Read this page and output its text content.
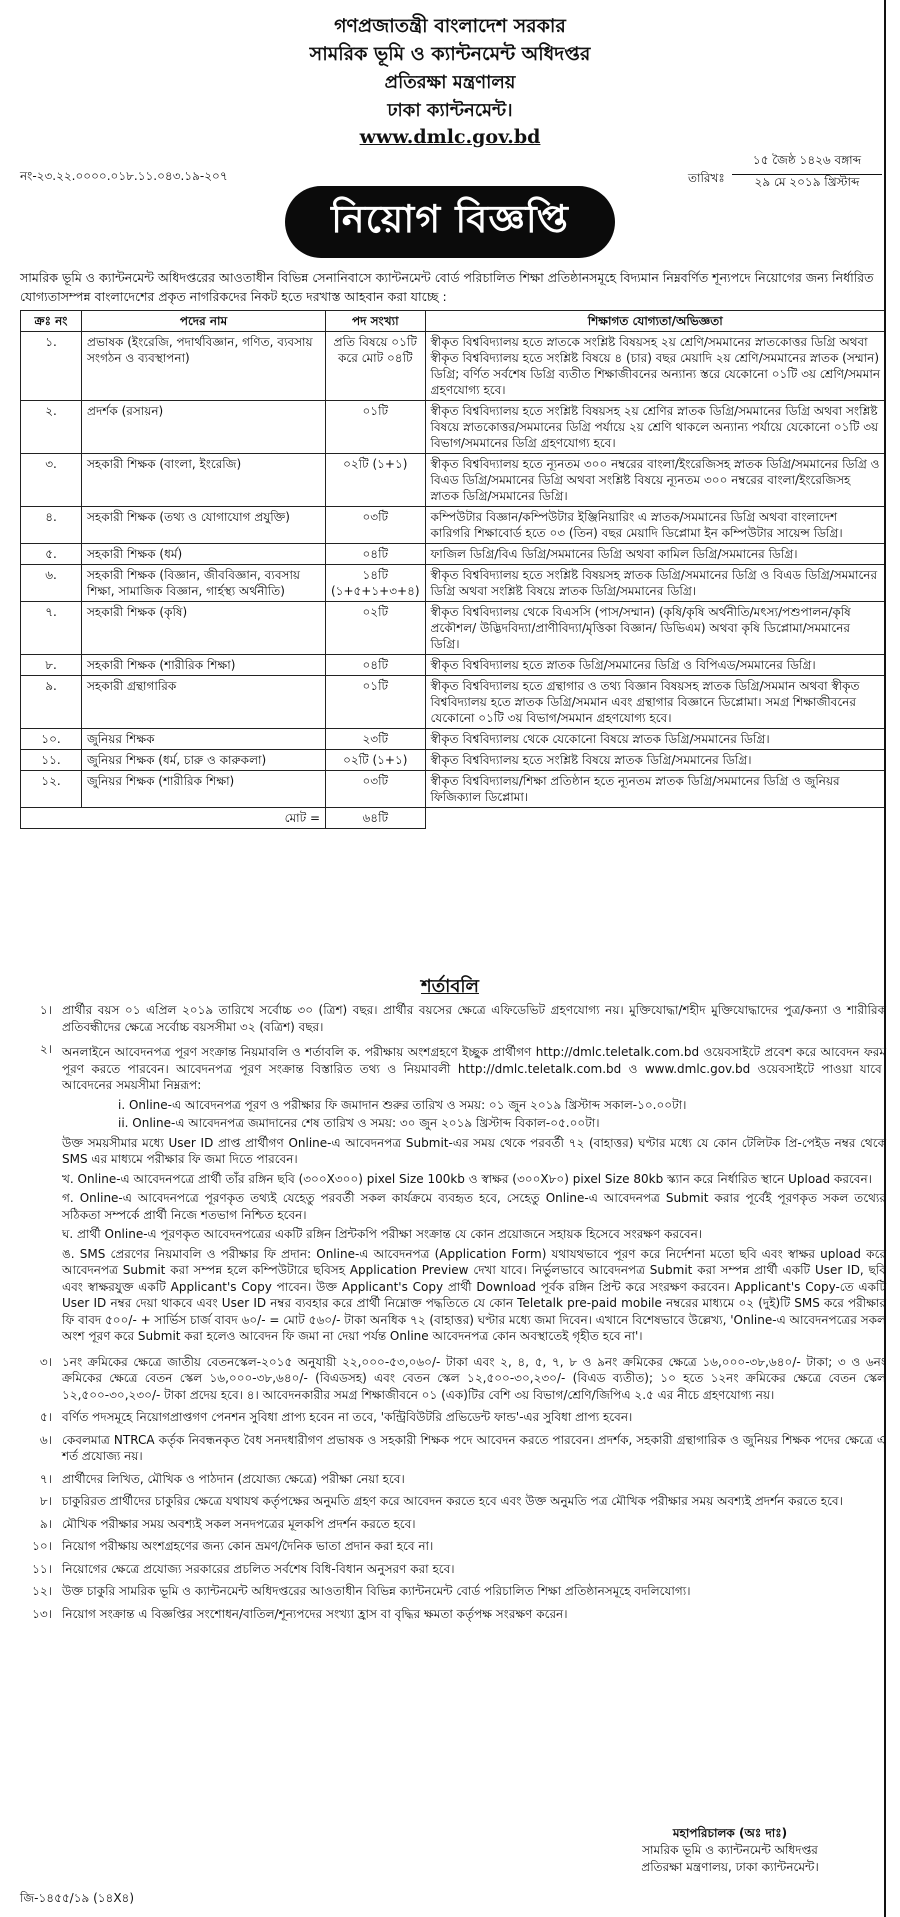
গণপ্রজাতন্ত্রী বাংলাদেশ সরকার
সামরিক ভূমি ও ক্যান্টনমেন্ট অধিদপ্তর
প্রতিরক্ষা মন্ত্রণালয়
ঢাকা ক্যান্টনমেন্ট।
www.dmlc.gov.bd
নং-২৩.২২.০০০০.০১৮.১১.০৪৩.১৯-২০৭
১৫ জৈষ্ঠ ১৪২৬ বঙ্গাব্দ
তারিখঃ	২৯ মে ২০১৯ খ্রিস্টাব্দ
নিয়োগ বিজ্ঞপ্তি
সামরিক ভূমি ও ক্যান্টনমেন্ট অধিদপ্তরের আওতাধীন বিভিন্ন সেনানিবাসে ক্যান্টনমেন্ট বোর্ড পরিচালিত শিক্ষা প্রতিষ্ঠানসমূহে বিদ্যমান নিম্নবর্ণিত শূন্যপদে নিয়োগের জন্য নির্ধারিত যোগ্যতাসম্পন্ন বাংলাদেশের প্রকৃত নাগরিকদের নিকট হতে দরখাস্ত আহবান করা যাচ্ছে :
ক্রঃ নং	পদের নাম	পদ সংখ্যা	শিক্ষাগত যোগ্যতা/অভিজ্ঞতা
১.	প্রভাষক (ইংরেজি, পদার্থবিজ্ঞান, গণিত, ব্যবসায় সংগঠন ও ব্যবস্থাপনা)	প্রতি বিষয়ে ০১টি করে মোট ০৪টি	স্বীকৃত বিশ্ববিদ্যালয় হতে স্নাতকে সংশ্লিষ্ট বিষয়সহ ২য় শ্রেণি/সমমানের স্নাতকোত্তর ডিগ্রি অথবা স্বীকৃত বিশ্ববিদ্যালয় হতে সংশ্লিষ্ট বিষয়ে ৪ (চার) বছর মেয়াদি ২য় শ্রেণি/সমমানের স্নাতক (সম্মান) ডিগ্রি; বর্ণিত সর্বশেষ ডিগ্রি ব্যতীত শিক্ষাজীবনের অন্যান্য স্তরে যেকোনো ০১টি ৩য় শ্রেণি/সমমান গ্রহণযোগ্য হবে।
২.	প্রদর্শক (রসায়ন)	০১টি	স্বীকৃত বিশ্ববিদ্যালয় হতে সংশ্লিষ্ট বিষয়সহ ২য় শ্রেণির স্নাতক ডিগ্রি/সমমানের ডিগ্রি অথবা সংশ্লিষ্ট বিষয়ে স্নাতকোত্তর/সমমানের ডিগ্রি পর্যায়ে ২য় শ্রেণি থাকলে অন্যান্য পর্যায়ে যেকোনো ০১টি ৩য় বিভাগ/সমমানের ডিগ্রি গ্রহণযোগ্য হবে।
৩.	সহকারী শিক্ষক (বাংলা, ইংরেজি)	০২টি (১+১)	স্বীকৃত বিশ্ববিদ্যালয় হতে ন্যূনতম ৩০০ নম্বরের বাংলা/ইংরেজিসহ স্নাতক ডিগ্রি/সমমানের ডিগ্রি ও বিএড ডিগ্রি/সমমানের ডিগ্রি অথবা সংশ্লিষ্ট বিষয়ে ন্যূনতম ৩০০ নম্বরের বাংলা/ইংরেজিসহ স্নাতক ডিগ্রি/সমমানের ডিগ্রি।
৪.	সহকারী শিক্ষক (তথ্য ও যোগাযোগ প্রযুক্তি)	০৩টি	কম্পিউটার বিজ্ঞান/কম্পিউটার ইঞ্জিনিয়ারিং এ স্নাতক/সমমানের ডিগ্রি অথবা বাংলাদেশ কারিগরি শিক্ষাবোর্ড হতে ০৩ (তিন) বছর মেয়াদি ডিপ্লোমা ইন কম্পিউটার সায়েন্স ডিগ্রি।
৫.	সহকারী শিক্ষক (ধর্ম)	০৪টি	ফাজিল ডিগ্রি/বিএ ডিগ্রি/সমমানের ডিগ্রি অথবা কামিল ডিগ্রি/সমমানের ডিগ্রি।
৬.	সহকারী শিক্ষক (বিজ্ঞান, জীববিজ্ঞান, ব্যবসায় শিক্ষা, সামাজিক বিজ্ঞান, গার্হস্থ্য অর্থনীতি)	১৪টি (১+৫+১+৩+৪)	স্বীকৃত বিশ্ববিদ্যালয় হতে সংশ্লিষ্ট বিষয়সহ স্নাতক ডিগ্রি/সমমানের ডিগ্রি ও বিএড ডিগ্রি/সমমানের ডিগ্রি অথবা সংশ্লিষ্ট বিষয়ে স্নাতক ডিগ্রি/সমমানের ডিগ্রি।
৭.	সহকারী শিক্ষক (কৃষি)	০২টি	স্বীকৃত বিশ্ববিদ্যালয় থেকে বিএসসি (পাস/সম্মান) (কৃষি/কৃষি অর্থনীতি/মৎস্য/পশুপালন/কৃষি প্রকৌশল/ উদ্ভিদবিদ্যা/প্রাণীবিদ্যা/মৃত্তিকা বিজ্ঞান/ ডিভিএম) অথবা কৃষি ডিপ্লোমা/সমমানের ডিগ্রি।
৮.	সহকারী শিক্ষক (শারীরিক শিক্ষা)	০৪টি	স্বীকৃত বিশ্ববিদ্যালয় হতে স্নাতক ডিগ্রি/সমমানের ডিগ্রি ও বিপিএড/সমমানের ডিগ্রি।
৯.	সহকারী গ্রন্থাগারিক	০১টি	স্বীকৃত বিশ্ববিদ্যালয় হতে গ্রন্থাগার ও তথ্য বিজ্ঞান বিষয়সহ স্নাতক ডিগ্রি/সমমান অথবা স্বীকৃত বিশ্ববিদ্যালয় হতে স্নাতক ডিগ্রি/সমমান এবং গ্রন্থাগার বিজ্ঞানে ডিপ্লোমা। সমগ্র শিক্ষাজীবনের যেকোনো ০১টি ৩য় বিভাগ/সমমান গ্রহণযোগ্য হবে।
১০.	জুনিয়র শিক্ষক	২৩টি	স্বীকৃত বিশ্ববিদ্যালয় থেকে যেকোনো বিষয়ে স্নাতক ডিগ্রি/সমমানের ডিগ্রি।
১১.	জুনিয়র শিক্ষক (ধর্ম, চারু ও কারুকলা)	০২টি (১+১)	স্বীকৃত বিশ্ববিদ্যালয় হতে সংশ্লিষ্ট বিষয়ে স্নাতক ডিগ্রি/সমমানের ডিগ্রি।
১২.	জুনিয়র শিক্ষক (শারীরিক শিক্ষা)	০৩টি	স্বীকৃত বিশ্ববিদ্যালয়/শিক্ষা প্রতিষ্ঠান হতে ন্যূনতম স্নাতক ডিগ্রি/সমমানের ডিগ্রি ও জুনিয়র ফিজিক্যাল ডিপ্লোমা।
মোট =		৬৪টি	
শর্তাবলি
১। প্রার্থীর বয়স ০১ এপ্রিল ২০১৯ তারিখে সর্বোচ্চ ৩০ (ত্রিশ) বছর। প্রার্থীর বয়সের ক্ষেত্রে এফিডেভিট গ্রহণযোগ্য নয়। মুক্তিযোদ্ধা/শহীদ মুক্তিযোদ্ধাদের পুত্র/কন্যা ও শারীরিক প্রতিবন্ধীদের ক্ষেত্রে সর্বোচ্চ বয়সসীমা ৩২ (বত্রিশ) বছর।
২। অনলাইনে আবেদনপত্র পূরণ সংক্রান্ত নিয়মাবলি ও শর্তাবলি ক. পরীক্ষায় অংশগ্রহণে ইচ্ছুক প্রার্থীগণ http://dmlc.teletalk.com.bd ওয়েবসাইটে প্রবেশ করে আবেদন ফরম পূরণ করতে পারবেন। আবেদনপত্র পূরণ সংক্রান্ত বিস্তারিত তথ্য ও নিয়মাবলী http://dmlc.teletalk.com.bd ও www.dmlc.gov.bd ওয়েবসাইটে পাওয়া যাবে। আবেদনের সময়সীমা নিম্নরূপ:
i. Online-এ আবেদনপত্র পূরণ ও পরীক্ষার ফি জমাদান শুরুর তারিখ ও সময়: ০১ জুন ২০১৯ খ্রিস্টাব্দ সকাল-১০.০০টা।
ii. Online-এ আবেদনপত্র জমাদানের শেষ তারিখ ও সময়: ৩০ জুন ২০১৯ খ্রিস্টাব্দ বিকাল-০৫.০০টা।
উক্ত সময়সীমার মধ্যে User ID প্রাপ্ত প্রার্থীগণ Online-এ আবেদনপত্র Submit-এর সময় থেকে পরবর্তী ৭২ (বাহাত্তর) ঘণ্টার মধ্যে যে কোন টেলিটক প্রি-পেইড নম্বর থেকে SMS এর মাধ্যমে পরীক্ষার ফি জমা দিতে পারবেন।
খ. Online-এ আবেদনপত্রে প্রার্থী তাঁর রঙ্গিন ছবি (৩০০X৩০০) pixel Size 100kb ও স্বাক্ষর (৩০০X৮০) pixel Size 80kb স্ক্যান করে নির্ধারিত স্থানে Upload করবেন।
গ. Online-এ আবেদনপত্রে পূরণকৃত তথ্যই যেহেতু পরবর্তী সকল কার্যক্রমে ব্যবহৃত হবে, সেহেতু Online-এ আবেদনপত্র Submit করার পূর্বেই পূরণকৃত সকল তথ্যের সঠিকতা সম্পর্কে প্রার্থী নিজে শতভাগ নিশ্চিত হবেন।
ঘ. প্রার্থী Online-এ পূরণকৃত আবেদনপত্রের একটি রঙ্গিন প্রিন্টকপি পরীক্ষা সংক্রান্ত যে কোন প্রয়োজনে সহায়ক হিসেবে সংরক্ষণ করবেন।
ঙ. SMS প্রেরণের নিয়মাবলি ও পরীক্ষার ফি প্রদান: Online-এ আবেদনপত্র (Application Form) যথাযথভাবে পূরণ করে নির্দেশনা মতো ছবি এবং স্বাক্ষর upload করে আবেদনপত্র Submit করা সম্পন্ন হলে কম্পিউটারে ছবিসহ Application Preview দেখা যাবে। নির্ভুলভাবে আবেদনপত্র Submit করা সম্পন্ন প্রার্থী একটি User ID, ছবি এবং স্বাক্ষরযুক্ত একটি Applicant's Copy পাবেন। উক্ত Applicant's Copy প্রার্থী Download পূর্বক রঙ্গিন প্রিন্ট করে সংরক্ষণ করবেন। Applicant's Copy-তে একটি User ID নম্বর দেয়া থাকবে এবং User ID নম্বর ব্যবহার করে প্রার্থী নিম্নোক্ত পদ্ধতিতে যে কোন Teletalk pre-paid mobile নম্বরের মাধ্যমে ০২ (দুই)টি SMS করে পরীক্ষার ফি বাবদ ৫০০/- + সার্ভিস চার্জ বাবদ ৬০/- = মোট ৫৬০/- টাকা অনধিক ৭২ (বাহাত্তর) ঘণ্টার মধ্যে জমা দিবেন। এখানে বিশেষভাবে উল্লেখ্য, 'Online-এ আবেদনপত্রের সকল অংশ পূরণ করে Submit করা হলেও আবেদন ফি জমা না দেয়া পর্যন্ত Online আবেদনপত্র কোন অবস্থাতেই গৃহীত হবে না'।
৩। ১নং ক্রমিকের ক্ষেত্রে জাতীয় বেতনস্কেল-২০১৫ অনুযায়ী ২২,০০০-৫৩,০৬০/- টাকা এবং ২, ৪, ৫, ৭, ৮ ও ৯নং ক্রমিকের ক্ষেত্রে ১৬,০০০-৩৮,৬৪০/- টাকা; ৩ ও ৬নং ক্রমিকের ক্ষেত্রে বেতন স্কেল ১৬,০০০-৩৮,৬৪০/- (বিএডসহ) এবং বেতন স্কেল ১২,৫০০-৩০,২৩০/- (বিএড ব্যতীত); ১০ হতে ১২নং ক্রমিকের ক্ষেত্রে বেতন স্কেল ১২,৫০০-৩০,২৩০/- টাকা প্রদেয় হবে। ৪। আবেদনকারীর সমগ্র শিক্ষাজীবনে ০১ (এক)টির বেশি ৩য় বিভাগ/শ্রেণি/জিপিএ ২.৫ এর নীচে গ্রহণযোগ্য নয়।
৫। বর্ণিত পদসমূহে নিয়োগপ্রাপ্তগণ পেনশন সুবিধা প্রাপ্য হবেন না তবে, 'কন্ট্রিবিউটরি প্রভিডেন্ট ফান্ড'-এর সুবিধা প্রাপ্য হবেন।
৬। কেবলমাত্র NTRCA কর্তৃক নিবন্ধনকৃত বৈধ সনদধারীগণ প্রভাষক ও সহকারী শিক্ষক পদে আবেদন করতে পারবেন। প্রদর্শক, সহকারী গ্রন্থাগারিক ও জুনিয়র শিক্ষক পদের ক্ষেত্রে এ শর্ত প্রযোজ্য নয়।
৭। প্রার্থীদের লিখিত, মৌখিক ও পাঠদান (প্রযোজ্য ক্ষেত্রে) পরীক্ষা নেয়া হবে।
৮। চাকুরিরত প্রার্থীদের চাকুরির ক্ষেত্রে যথাযথ কর্তৃপক্ষের অনুমতি গ্রহণ করে আবেদন করতে হবে এবং উক্ত অনুমতি পত্র মৌখিক পরীক্ষার সময় অবশ্যই প্রদর্শন করতে হবে।
৯। মৌখিক পরীক্ষার সময় অবশ্যই সকল সনদপত্রের মূলকপি প্রদর্শন করতে হবে।
১০। নিয়োগ পরীক্ষায় অংশগ্রহণের জন্য কোন ভ্রমণ/দৈনিক ভাতা প্রদান করা হবে না।
১১। নিয়োগের ক্ষেত্রে প্রযোজ্য সরকারের প্রচলিত সর্বশেষ বিধি-বিধান অনুসরণ করা হবে।
১২। উক্ত চাকুরি সামরিক ভূমি ও ক্যান্টনমেন্ট অধিদপ্তরের আওতাধীন বিভিন্ন ক্যান্টনমেন্ট বোর্ড পরিচালিত শিক্ষা প্রতিষ্ঠানসমূহে বদলিযোগ্য।
১৩। নিয়োগ সংক্রান্ত এ বিজ্ঞপ্তির সংশোধন/বাতিল/শূন্যপদের সংখ্যা হ্রাস বা বৃদ্ধির ক্ষমতা কর্তৃপক্ষ সংরক্ষণ করেন।
মহাপরিচালক (অঃ দাঃ)
সামরিক ভূমি ও ক্যান্টনমেন্ট অধিদপ্তর
প্রতিরক্ষা মন্ত্রণালয়, ঢাকা ক্যান্টনমেন্ট।
জি-১৪৫৫/১৯ (১৪X৪)
